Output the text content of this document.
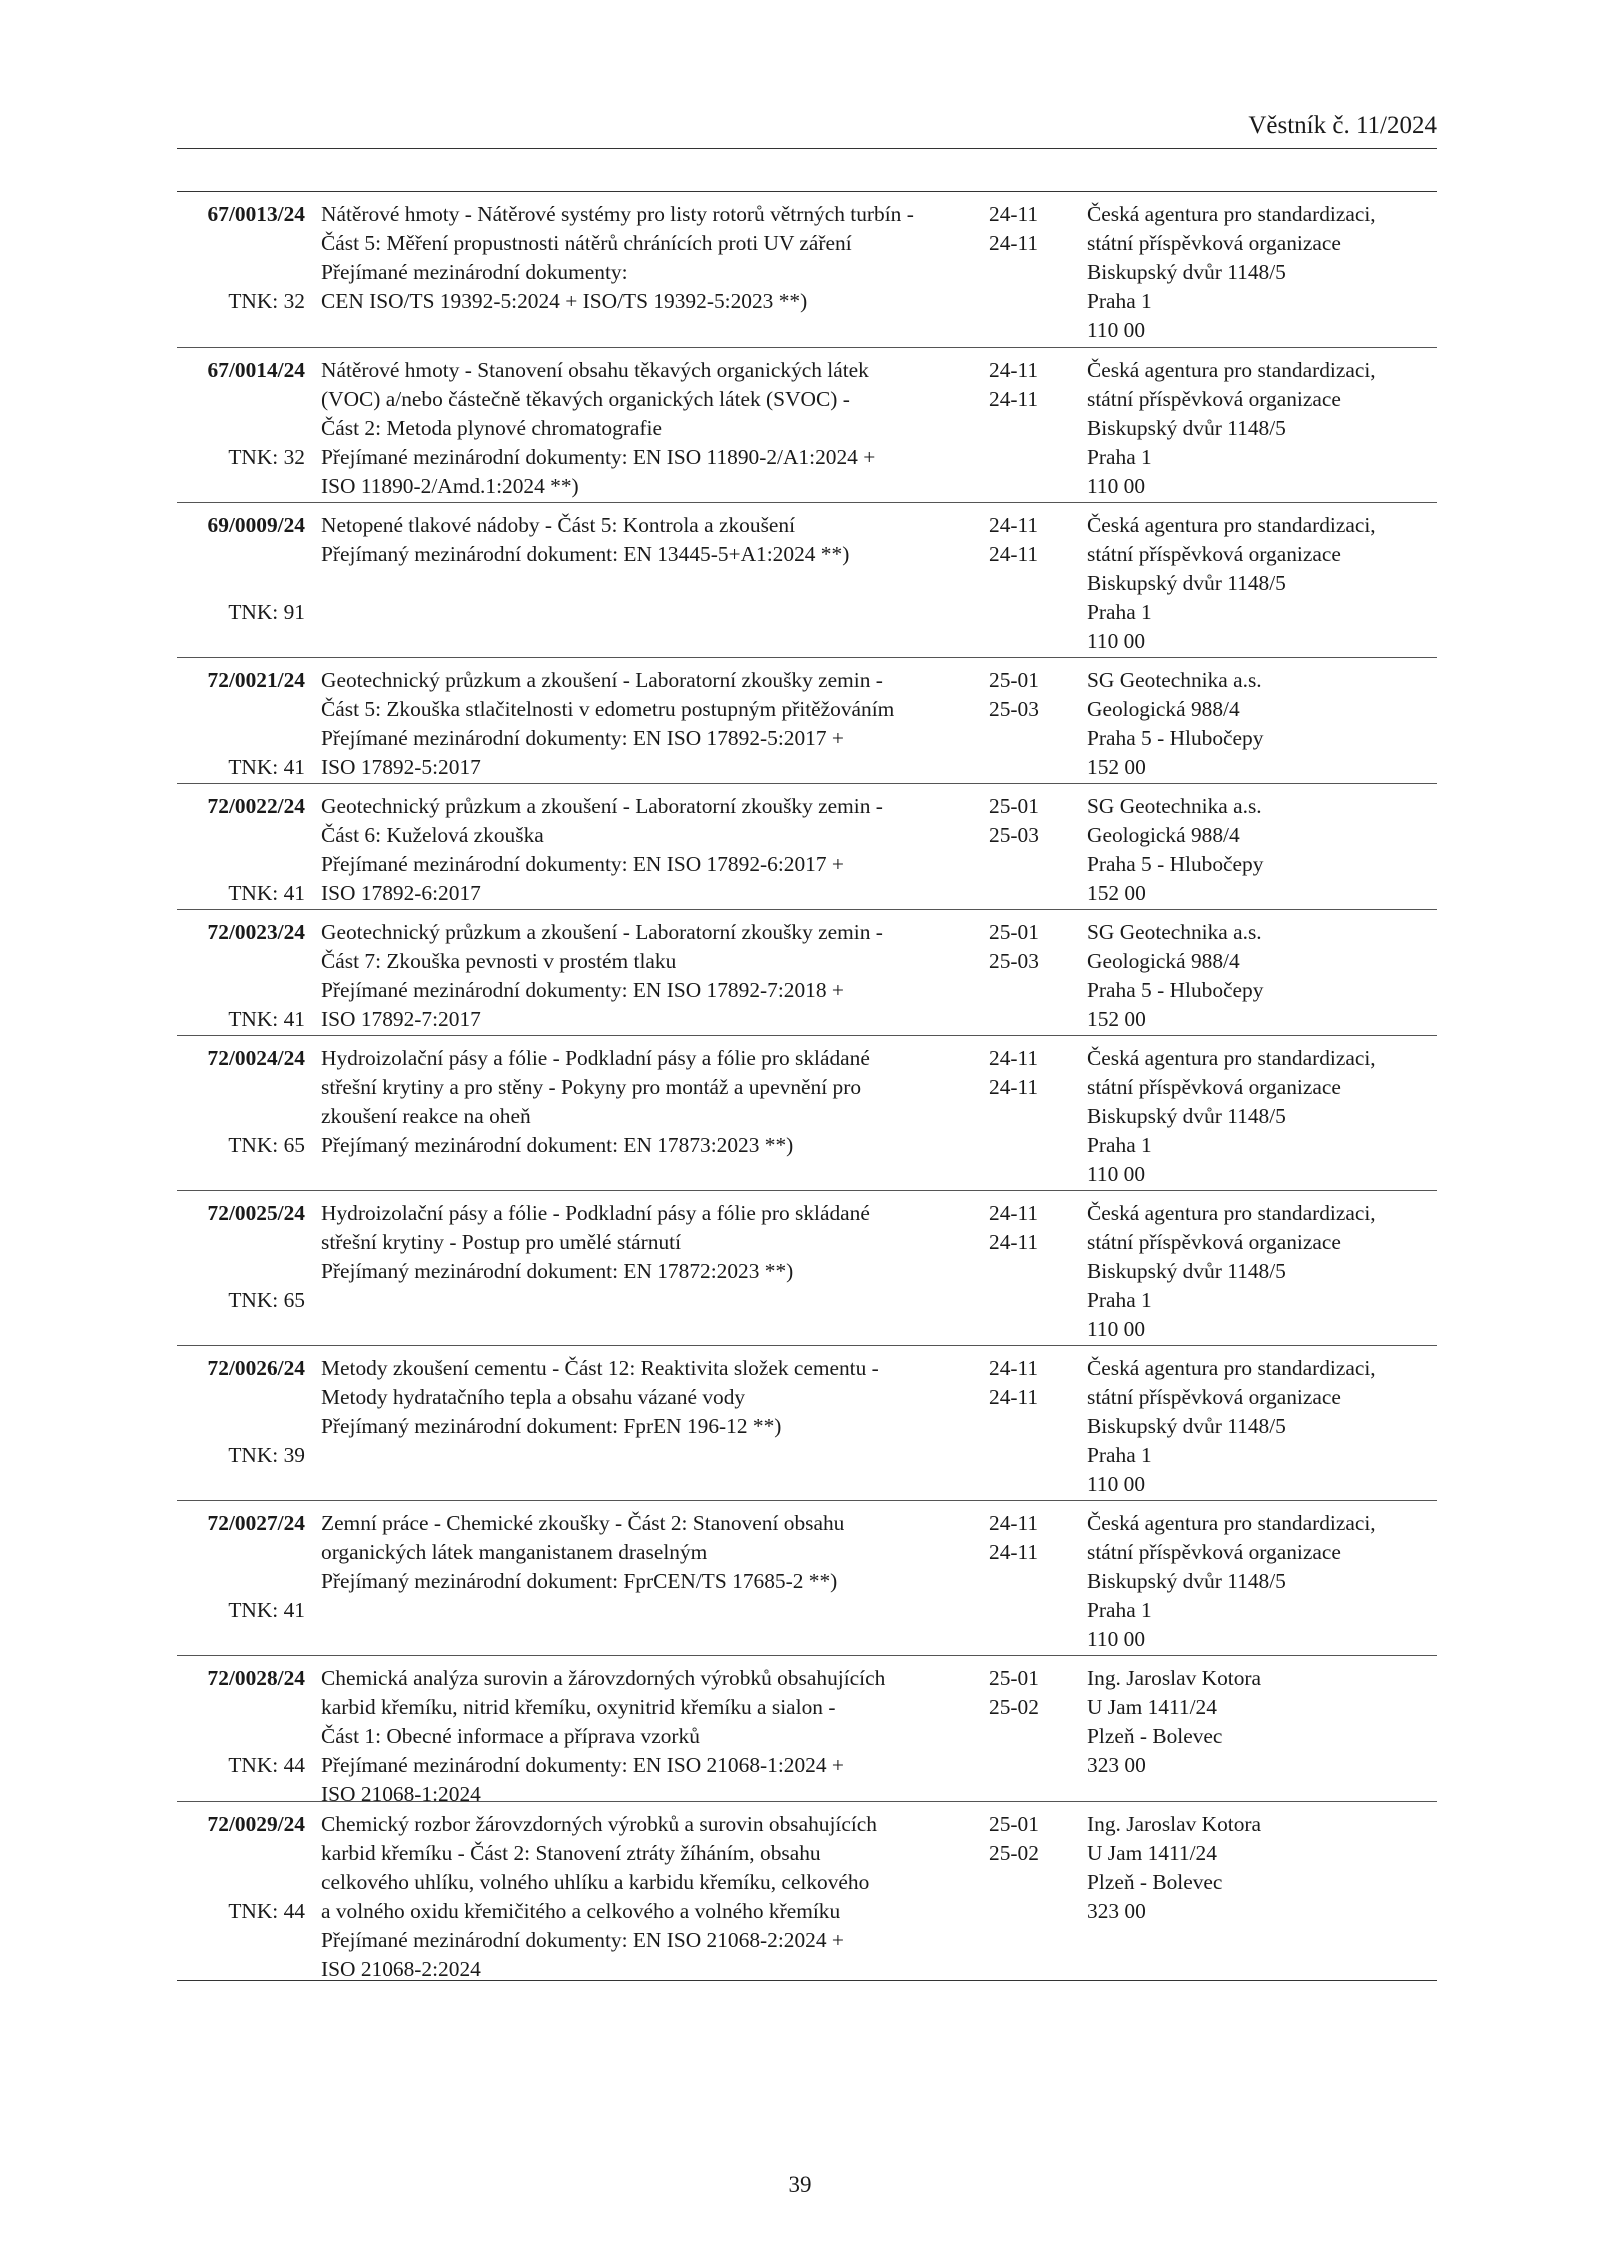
Věstník č. 11/2024
67/0013/24
TNK: 32
Nátěrové hmoty - Nátěrové systémy pro listy rotorů větrných turbín -
Část 5: Měření propustnosti nátěrů chránících proti UV záření
Přejímané mezinárodní dokumenty:
CEN ISO/TS 19392-5:2024 + ISO/TS 19392-5:2023 **)
24-11
24-11
Česká agentura pro standardizaci,
státní příspěvková organizace
Biskupský dvůr 1148/5
Praha 1
110 00
67/0014/24
TNK: 32
Nátěrové hmoty - Stanovení obsahu těkavých organických látek
(VOC) a/nebo částečně těkavých organických látek (SVOC) -
Část 2: Metoda plynové chromatografie
Přejímané mezinárodní dokumenty: EN ISO 11890-2/A1:2024 +
ISO 11890-2/Amd.1:2024 **)
24-11
24-11
Česká agentura pro standardizaci,
státní příspěvková organizace
Biskupský dvůr 1148/5
Praha 1
110 00
69/0009/24
TNK: 91
Netopené tlakové nádoby - Část 5: Kontrola a zkoušení
Přejímaný mezinárodní dokument: EN 13445-5+A1:2024 **)
24-11
24-11
Česká agentura pro standardizaci,
státní příspěvková organizace
Biskupský dvůr 1148/5
Praha 1
110 00
72/0021/24
TNK: 41
Geotechnický průzkum a zkoušení - Laboratorní zkoušky zemin -
Část 5: Zkouška stlačitelnosti v edometru postupným přitěžováním
Přejímané mezinárodní dokumenty: EN ISO 17892-5:2017 +
ISO 17892-5:2017
25-01
25-03
SG Geotechnika a.s.
Geologická 988/4
Praha 5 - Hlubočepy
152 00
72/0022/24
TNK: 41
Geotechnický průzkum a zkoušení - Laboratorní zkoušky zemin -
Část 6: Kuželová zkouška
Přejímané mezinárodní dokumenty: EN ISO 17892-6:2017 +
ISO 17892-6:2017
25-01
25-03
SG Geotechnika a.s.
Geologická 988/4
Praha 5 - Hlubočepy
152 00
72/0023/24
TNK: 41
Geotechnický průzkum a zkoušení - Laboratorní zkoušky zemin -
Část 7: Zkouška pevnosti v prostém tlaku
Přejímané mezinárodní dokumenty: EN ISO 17892-7:2018 +
ISO 17892-7:2017
25-01
25-03
SG Geotechnika a.s.
Geologická 988/4
Praha 5 - Hlubočepy
152 00
72/0024/24
TNK: 65
Hydroizolační pásy a fólie - Podkladní pásy a fólie pro skládané
střešní krytiny a pro stěny - Pokyny pro montáž a upevnění pro
zkoušení reakce na oheň
Přejímaný mezinárodní dokument: EN 17873:2023 **)
24-11
24-11
Česká agentura pro standardizaci,
státní příspěvková organizace
Biskupský dvůr 1148/5
Praha 1
110 00
72/0025/24
TNK: 65
Hydroizolační pásy a fólie - Podkladní pásy a fólie pro skládané
střešní krytiny - Postup pro umělé stárnutí
Přejímaný mezinárodní dokument: EN 17872:2023 **)
24-11
24-11
Česká agentura pro standardizaci,
státní příspěvková organizace
Biskupský dvůr 1148/5
Praha 1
110 00
72/0026/24
TNK: 39
Metody zkoušení cementu - Část 12: Reaktivita složek cementu -
Metody hydratačního tepla a obsahu vázané vody
Přejímaný mezinárodní dokument: FprEN 196-12 **)
24-11
24-11
Česká agentura pro standardizaci,
státní příspěvková organizace
Biskupský dvůr 1148/5
Praha 1
110 00
72/0027/24
TNK: 41
Zemní práce - Chemické zkoušky - Část 2: Stanovení obsahu
organických látek manganistanem draselným
Přejímaný mezinárodní dokument: FprCEN/TS 17685-2 **)
24-11
24-11
Česká agentura pro standardizaci,
státní příspěvková organizace
Biskupský dvůr 1148/5
Praha 1
110 00
72/0028/24
TNK: 44
Chemická analýza surovin a žárovzdorných výrobků obsahujících
karbid křemíku, nitrid křemíku, oxynitrid křemíku a sialon -
Část 1: Obecné informace a příprava vzorků
Přejímané mezinárodní dokumenty: EN ISO 21068-1:2024 +
ISO 21068-1:2024
25-01
25-02
Ing. Jaroslav Kotora
U Jam 1411/24
Plzeň - Bolevec
323 00
72/0029/24
TNK: 44
Chemický rozbor žárovzdorných výrobků a surovin obsahujících
karbid křemíku - Část 2: Stanovení ztráty žíháním, obsahu
celkového uhlíku, volného uhlíku a karbidu křemíku, celkového
a volného oxidu křemičitého a celkového a volného křemíku
Přejímané mezinárodní dokumenty: EN ISO 21068-2:2024 +
ISO 21068-2:2024
25-01
25-02
Ing. Jaroslav Kotora
U Jam 1411/24
Plzeň - Bolevec
323 00
39
